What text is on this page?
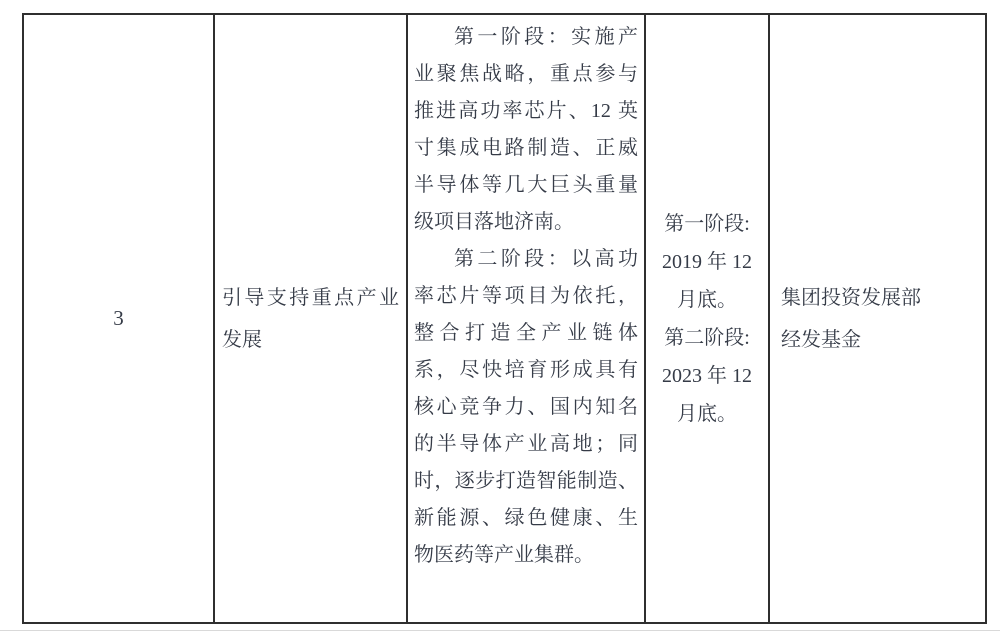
3
引导支持重点产业发展
第一阶段：实施产
业聚焦战略，重点参与
推进高功率芯片、12 英
寸集成电路制造、正威
半导体等几大巨头重量
级项目落地济南。
第二阶段：以高功
率芯片等项目为依托，
整合打造全产业链体
系，尽快培育形成具有
核心竞争力、国内知名
的半导体产业高地；同
时，逐步打造智能制造、
新能源、绿色健康、生
物医药等产业集群。
第一阶段:
2019 年 12
月底。
第二阶段:
2023 年 12
月底。
集团投资发展部
经发基金
